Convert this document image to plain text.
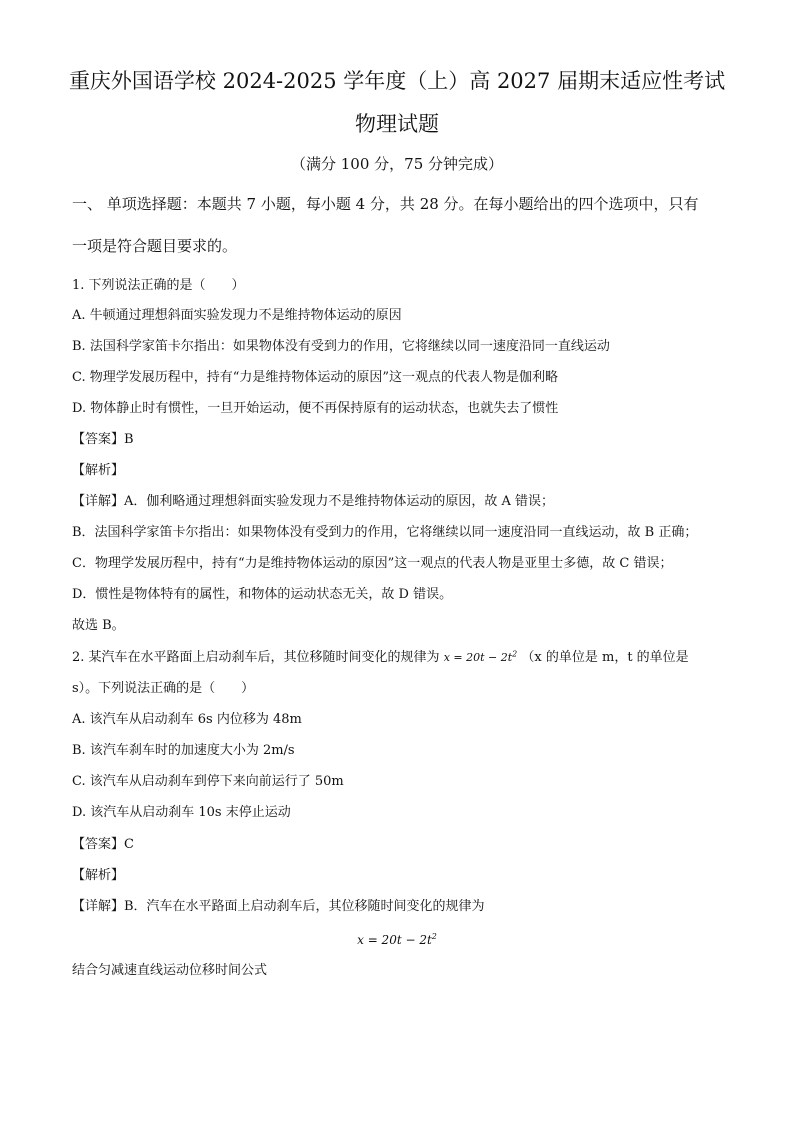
重庆外国语学校 2024-2025 学年度（上）高 2027 届期末适应性考试
物理试题
（满分 100 分，75 分钟完成）
一、 单项选择题：本题共 7 小题，每小题 4 分，共 28 分。在每小题给出的四个选项中，只有
一项是符合题目要求的。
1. 下列说法正确的是（　　）
A. 牛顿通过理想斜面实验发现力不是维持物体运动的原因
B. 法国科学家笛卡尔指出：如果物体没有受到力的作用，它将继续以同一速度沿同一直线运动
C. 物理学发展历程中，持有“力是维持物体运动的原因”这一观点的代表人物是伽利略
D. 物体静止时有惯性，一旦开始运动，便不再保持原有的运动状态，也就失去了惯性
【答案】B
【解析】
【详解】A．伽利略通过理想斜面实验发现力不是维持物体运动的原因，故 A 错误；
B．法国科学家笛卡尔指出：如果物体没有受到力的作用，它将继续以同一速度沿同一直线运动，故 B 正确；
C．物理学发展历程中，持有“力是维持物体运动的原因”这一观点的代表人物是亚里士多德，故 C 错误；
D．惯性是物体特有的属性，和物体的运动状态无关，故 D 错误。
故选 B。
2. 某汽车在水平路面上启动刹车后，其位移随时间变化的规律为 $x = 20t - 2t^2$ （x 的单位是 m，t 的单位是
s）。下列说法正确的是（　　）
A. 该汽车从启动刹车 6s 内位移为 48m
B. 该汽车刹车时的加速度大小为 2m/s
C. 该汽车从启动刹车到停下来向前运行了 50m
D. 该汽车从启动刹车 10s 末停止运动
【答案】C
【解析】
【详解】B．汽车在水平路面上启动刹车后，其位移随时间变化的规律为
$x = 20t - 2t^2$
结合匀减速直线运动位移时间公式
